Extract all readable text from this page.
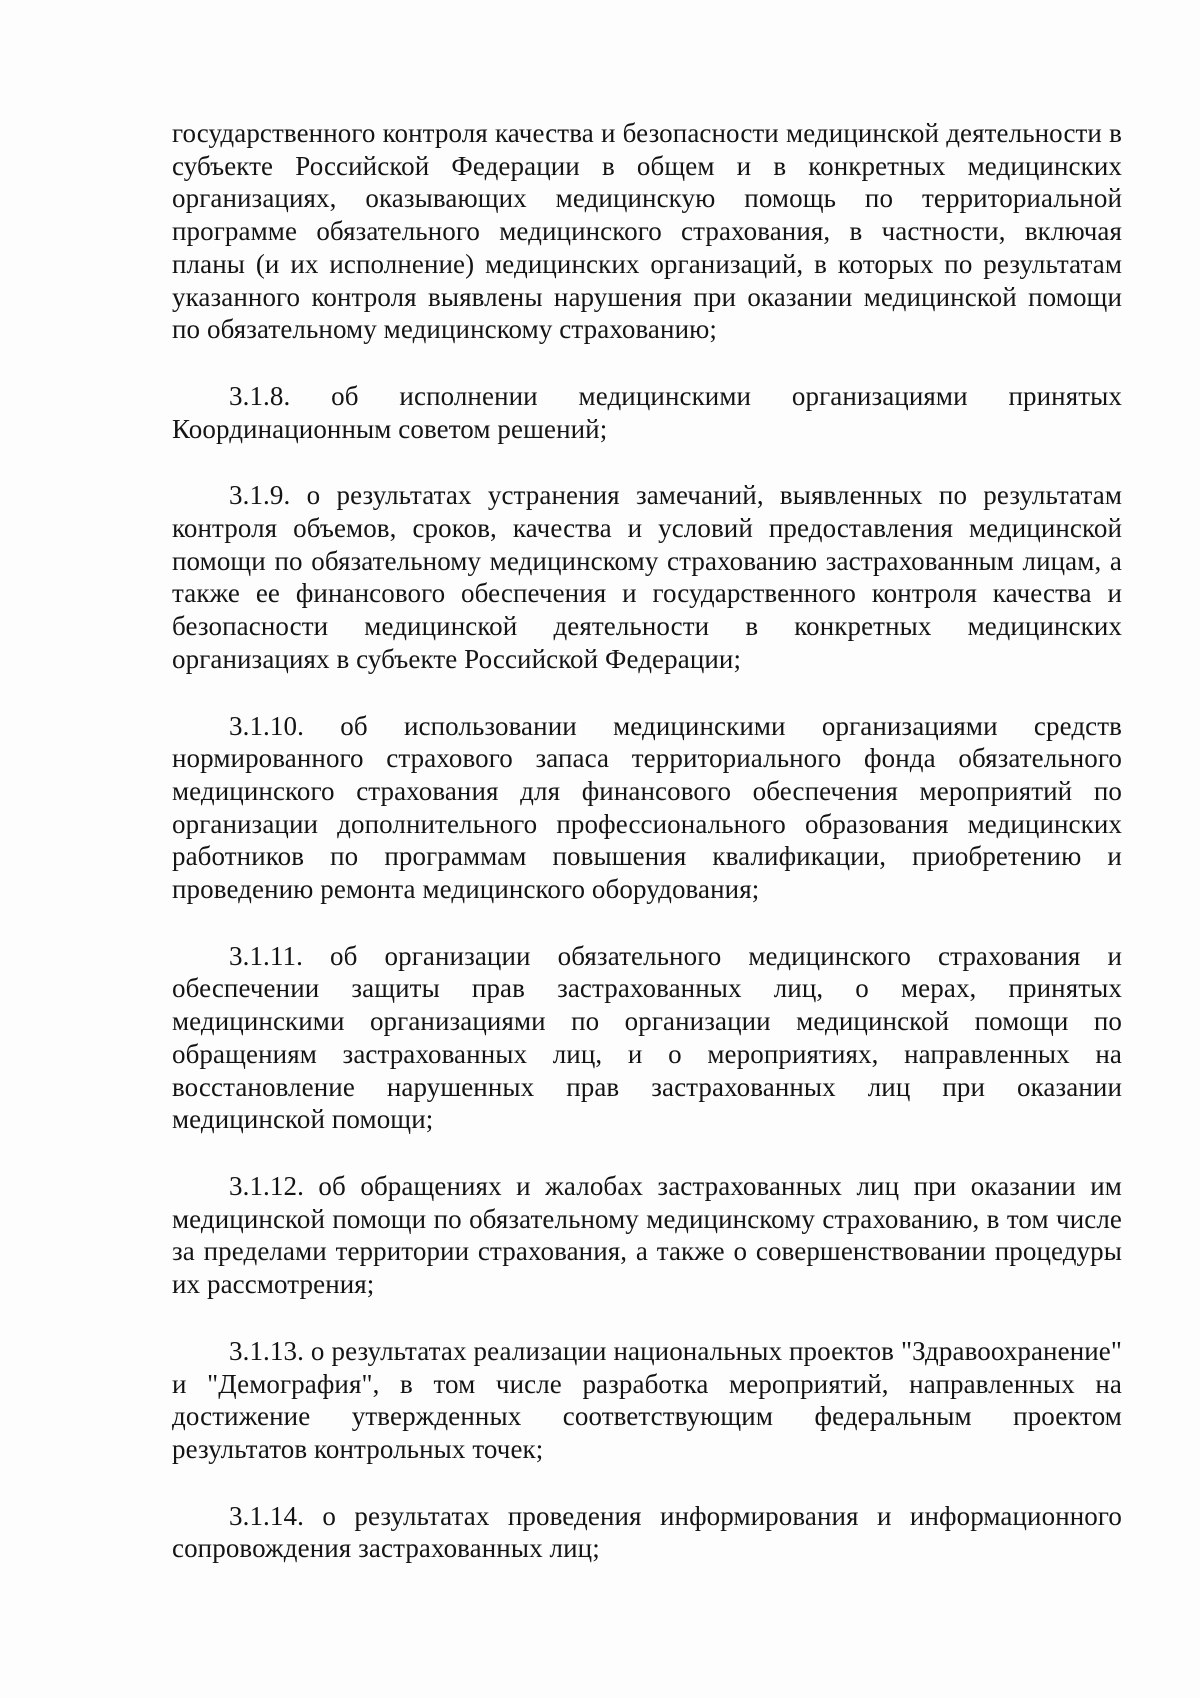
государственного контроля качества и безопасности медицинской деятельности в субъекте Российской Федерации в общем и в конкретных медицинских организациях, оказывающих медицинскую помощь по территориальной программе обязательного медицинского страхования, в частности, включая планы (и их исполнение) медицинских организаций, в которых по результатам указанного контроля выявлены нарушения при оказании медицинской помощи по обязательному медицинскому страхованию;

3.1.8. об исполнении медицинскими организациями принятых Координационным советом решений;

3.1.9. о результатах устранения замечаний, выявленных по результатам контроля объемов, сроков, качества и условий предоставления медицинской помощи по обязательному медицинскому страхованию застрахованным лицам, а также ее финансового обеспечения и государственного контроля качества и безопасности медицинской деятельности в конкретных медицинских организациях в субъекте Российской Федерации;

3.1.10. об использовании медицинскими организациями средств нормированного страхового запаса территориального фонда обязательного медицинского страхования для финансового обеспечения мероприятий по организации дополнительного профессионального образования медицинских работников по программам повышения квалификации, приобретению и проведению ремонта медицинского оборудования;

3.1.11. об организации обязательного медицинского страхования и обеспечении защиты прав застрахованных лиц, о мерах, принятых медицинскими организациями по организации медицинской помощи по обращениям застрахованных лиц, и о мероприятиях, направленных на восстановление нарушенных прав застрахованных лиц при оказании медицинской помощи;

3.1.12. об обращениях и жалобах застрахованных лиц при оказании им медицинской помощи по обязательному медицинскому страхованию, в том числе за пределами территории страхования, а также о совершенствовании процедуры их рассмотрения;

3.1.13. о результатах реализации национальных проектов "Здравоохранение" и "Демография", в том числе разработка мероприятий, направленных на достижение утвержденных соответствующим федеральным проектом результатов контрольных точек;

3.1.14. о результатах проведения информирования и информационного сопровождения застрахованных лиц;
